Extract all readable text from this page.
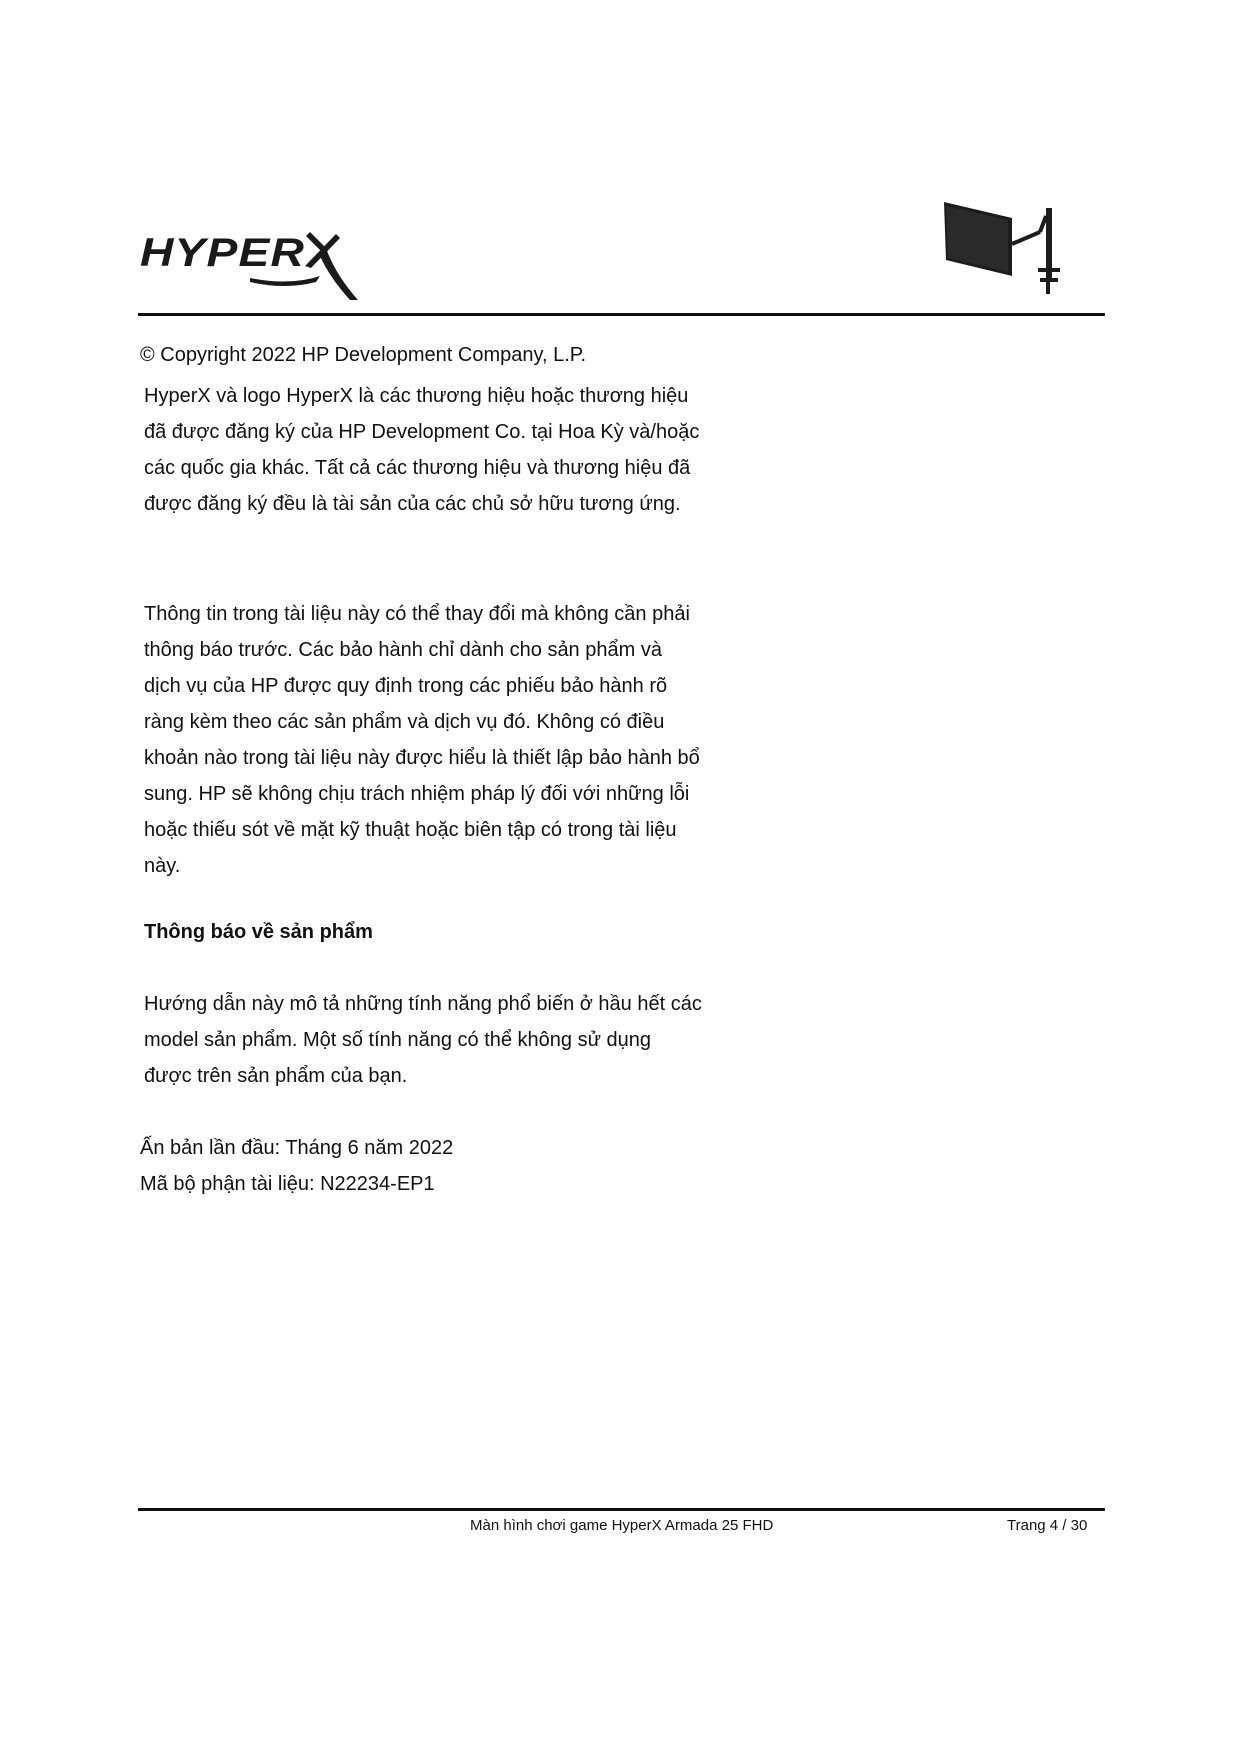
HYPER
© Copyright 2022 HP Development Company, L.P.

HyperX và logo HyperX là các thương hiệu hoặc thương hiệu đã được đăng ký của HP Development Co. tại Hoa Kỳ và/hoặc các quốc gia khác. Tất cả các thương hiệu và thương hiệu đã được đăng ký đều là tài sản của các chủ sở hữu tương ứng.

Thông tin trong tài liệu này có thể thay đổi mà không cần phải thông báo trước. Các bảo hành chỉ dành cho sản phẩm và dịch vụ của HP được quy định trong các phiếu bảo hành rõ ràng kèm theo các sản phẩm và dịch vụ đó. Không có điều khoản nào trong tài liệu này được hiểu là thiết lập bảo hành bổ sung. HP sẽ không chịu trách nhiệm pháp lý đối với những lỗi hoặc thiếu sót về mặt kỹ thuật hoặc biên tập có trong tài liệu này.

Thông báo về sản phẩm

Hướng dẫn này mô tả những tính năng phổ biến ở hầu hết các model sản phẩm. Một số tính năng có thể không sử dụng được trên sản phẩm của bạn.

Ấn bản lần đầu: Tháng 6 năm 2022
Mã bộ phận tài liệu: N22234-EP1
Màn hình chơi game HyperX Armada 25 FHD	Trang 4 / 30
